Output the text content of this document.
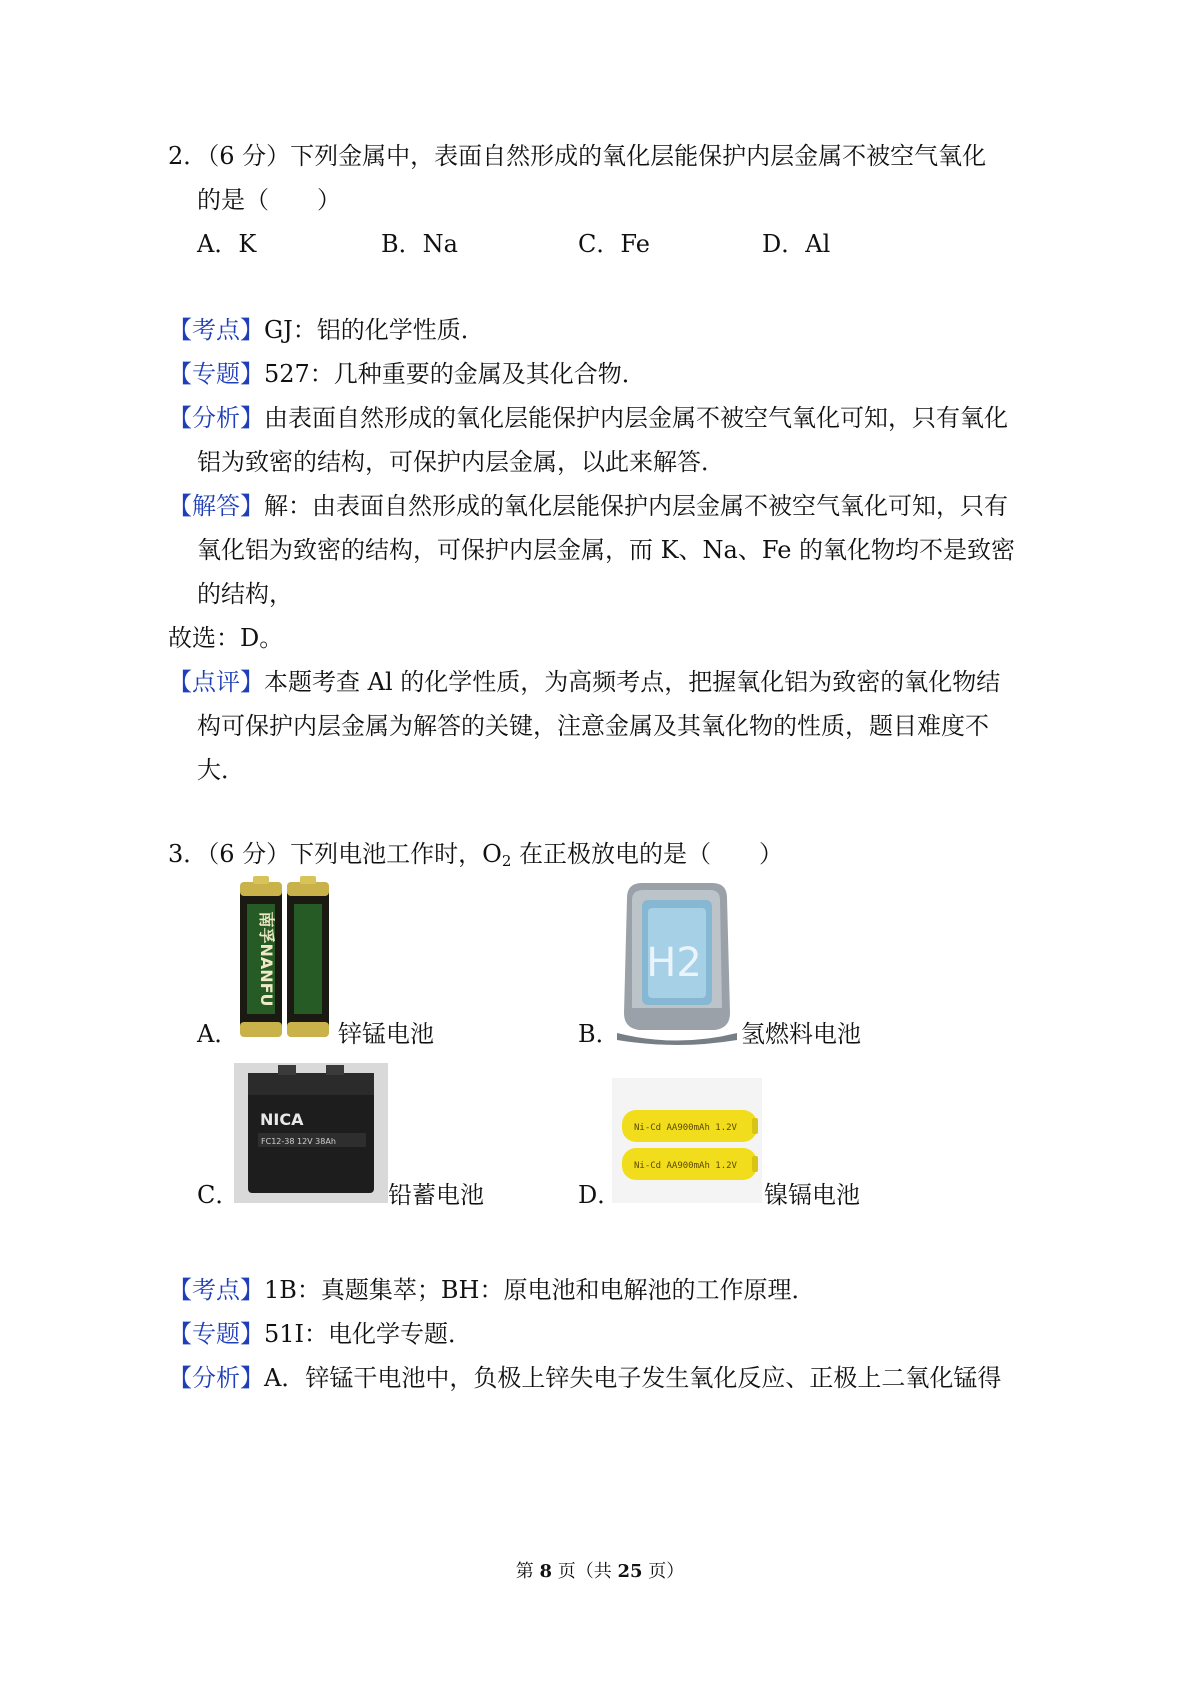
2．（6 分）下列金属中，表面自然形成的氧化层能保护内层金属不被空气氧化
的是（　　）
A．K	B．Na	C．Fe	D．Al
【考点】GJ：铝的化学性质．
【专题】527：几种重要的金属及其化合物．
【分析】由表面自然形成的氧化层能保护内层金属不被空气氧化可知，只有氧化
铝为致密的结构，可保护内层金属，以此来解答．
【解答】解：由表面自然形成的氧化层能保护内层金属不被空气氧化可知，只有
氧化铝为致密的结构，可保护内层金属，而 K、Na、Fe 的氧化物均不是致密
的结构，
故选：D。
【点评】本题考查 Al 的化学性质，为高频考点，把握氧化铝为致密的氧化物结
构可保护内层金属为解答的关键，注意金属及其氧化物的性质，题目难度不
大．
3．（6 分）下列电池工作时，$O_2$ 在正极放电的是（　　）
南孚NANFU
A．	锌锰电池
H2
B．	氢燃料电池
NICA
FC12-38 12V 38Ah
C．	铅蓄电池
Ni-Cd AA900mAh 1.2V
Ni-Cd AA900mAh 1.2V
D．	镍镉电池
【考点】1B：真题集萃；BH：原电池和电解池的工作原理．
【专题】51I：电化学专题．
【分析】A．锌锰干电池中，负极上锌失电子发生氧化反应、正极上二氧化锰得
第 8 页（共 25 页）
